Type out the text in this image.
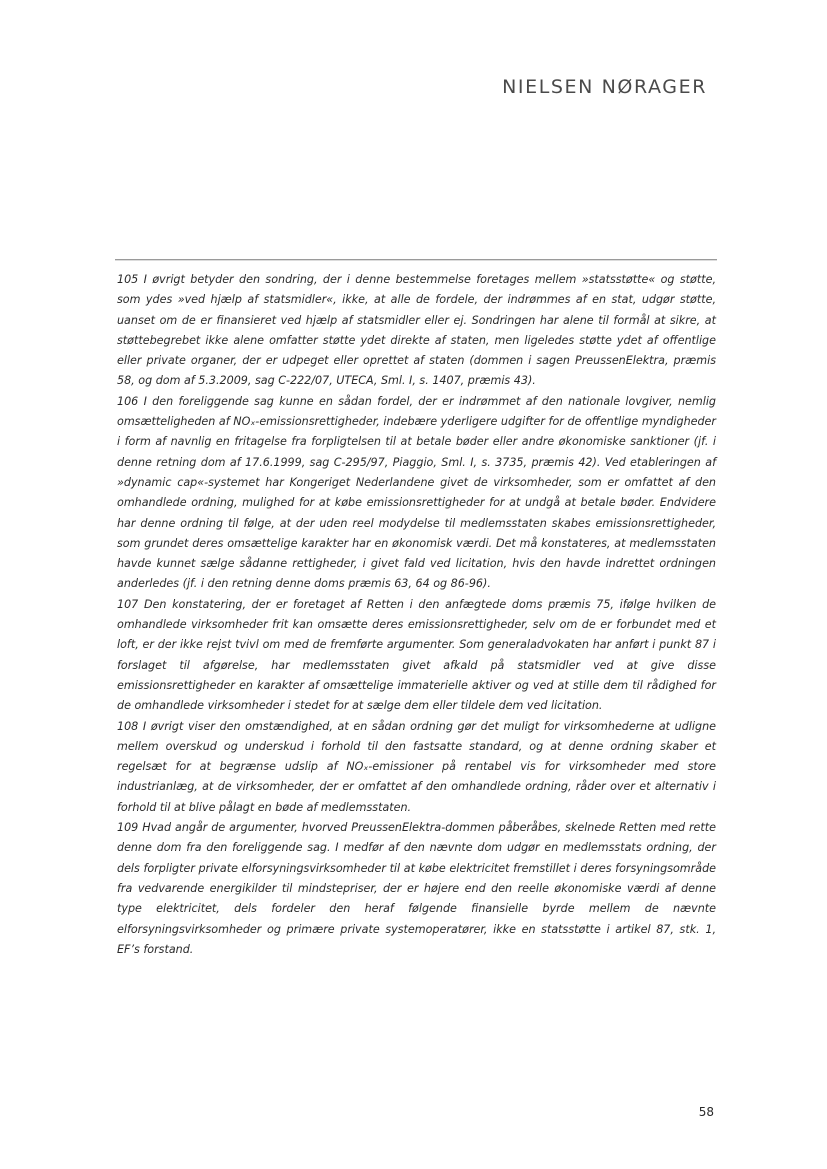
NIELSEN NØRAGER

105 I øvrigt betyder den sondring, der i denne bestemmelse foretages mellem »statsstøtte« og støtte, som ydes »ved hjælp af statsmidler«, ikke, at alle de fordele, der indrømmes af en stat, udgør støtte, uanset om de er finansieret ved hjælp af statsmidler eller ej. Sondringen har alene til formål at sikre, at støttebegrebet ikke alene omfatter støtte ydet direkte af staten, men ligeledes støtte ydet af offentlige eller private organer, der er udpeget eller oprettet af staten (dommen i sagen PreussenElektra, præmis 58, og dom af 5.3.2009, sag C-222/07, UTECA, Sml. I, s. 1407, præmis 43).

106 I den foreliggende sag kunne en sådan fordel, der er indrømmet af den nationale lovgiver, nemlig omsætteligheden af NOₓ-emissionsrettigheder, indebære yderligere udgifter for de offentlige myndigheder i form af navnlig en fritagelse fra forpligtelsen til at betale bøder eller andre økonomiske sanktioner (jf. i denne retning dom af 17.6.1999, sag C-295/97, Piaggio, Sml. I, s. 3735, præmis 42). Ved etableringen af »dynamic cap«-systemet har Kongeriget Nederlandene givet de virksomheder, som er omfattet af den omhandlede ordning, mulighed for at købe emissionsrettigheder for at undgå at betale bøder. Endvidere har denne ordning til følge, at der uden reel modydelse til medlemsstaten skabes emissionsrettigheder, som grundet deres omsættelige karakter har en økonomisk værdi. Det må konstateres, at medlemsstaten havde kunnet sælge sådanne rettigheder, i givet fald ved licitation, hvis den havde indrettet ordningen anderledes (jf. i den retning denne doms præmis 63, 64 og 86-96).

107 Den konstatering, der er foretaget af Retten i den anfægtede doms præmis 75, ifølge hvilken de omhandlede virksomheder frit kan omsætte deres emissionsrettigheder, selv om de er forbundet med et loft, er der ikke rejst tvivl om med de fremførte argumenter. Som generaladvokaten har anført i punkt 87 i forslaget til afgørelse, har medlemsstaten givet afkald på statsmidler ved at give disse emissionsrettigheder en karakter af omsættelige immaterielle aktiver og ved at stille dem til rådighed for de omhandlede virksomheder i stedet for at sælge dem eller tildele dem ved licitation.

108 I øvrigt viser den omstændighed, at en sådan ordning gør det muligt for virksomhederne at udligne mellem overskud og underskud i forhold til den fastsatte standard, og at denne ordning skaber et regelsæt for at begrænse udslip af NOₓ-emissioner på rentabel vis for virksomheder med store industrianlæg, at de virksomheder, der er omfattet af den omhandlede ordning, råder over et alternativ i forhold til at blive pålagt en bøde af medlemsstaten.

109 Hvad angår de argumenter, hvorved PreussenElektra-dommen påberåbes, skelnede Retten med rette denne dom fra den foreliggende sag. I medfør af den nævnte dom udgør en medlemsstats ordning, der dels forpligter private elforsyningsvirksomheder til at købe elektricitet fremstillet i deres forsyningsområde fra vedvarende energikilder til mindstepriser, der er højere end den reelle økonomiske værdi af denne type elektricitet, dels fordeler den heraf følgende finansielle byrde mellem de nævnte elforsyningsvirksomheder og primære private systemoperatører, ikke en statsstøtte i artikel 87, stk. 1, EF’s forstand.

58
